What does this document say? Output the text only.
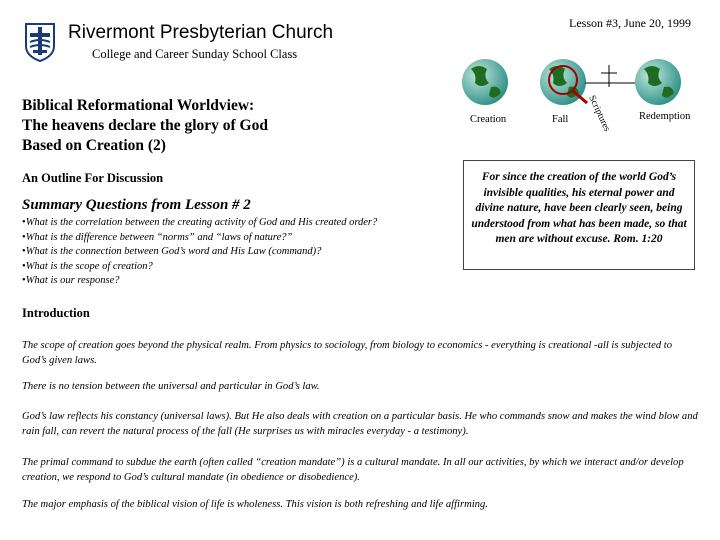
Rivermont Presbyterian Church	Lesson #3, June 20, 1999
College and Career Sunday School Class
Biblical Reformational Worldview:
The heavens declare the glory of God
Based on Creation (2)
An Outline For Discussion
Summary Questions from Lesson # 2
• What is the correlation between the creating activity of God and His created order?
• What is the difference between “norms” and “laws of nature?”
• What is the connection between God’s word and His Law (command)?
• What is the scope of creation?
• What is our response?
Scriptures
Creation	Fall	Redemption
For since the creation of the world God’s invisible qualities, his eternal power and divine nature, have been clearly seen, being understood from what has been made, so that men are without excuse. Rom. 1:20
Introduction
The scope of creation goes beyond the physical realm. From physics to sociology, from biology to economics - everything is creational -all is subjected to God’s given laws.
There is no tension between the universal and particular in God’s law.
God’s law reflects his constancy (universal laws). But He also deals with creation on a particular basis. He who commands snow and makes the wind blow and rain fall, can revert the natural process of the fall (He surprises us with miracles everyday - a testimony).
The primal command to subdue the earth (often called “creation mandate”) is a cultural mandate. In all our activities, by which we interact and/or develop creation, we respond to God’s cultural mandate (in obedience or disobedience).
The major emphasis of the biblical vision of life is wholeness. This vision is both refreshing and life affirming.
